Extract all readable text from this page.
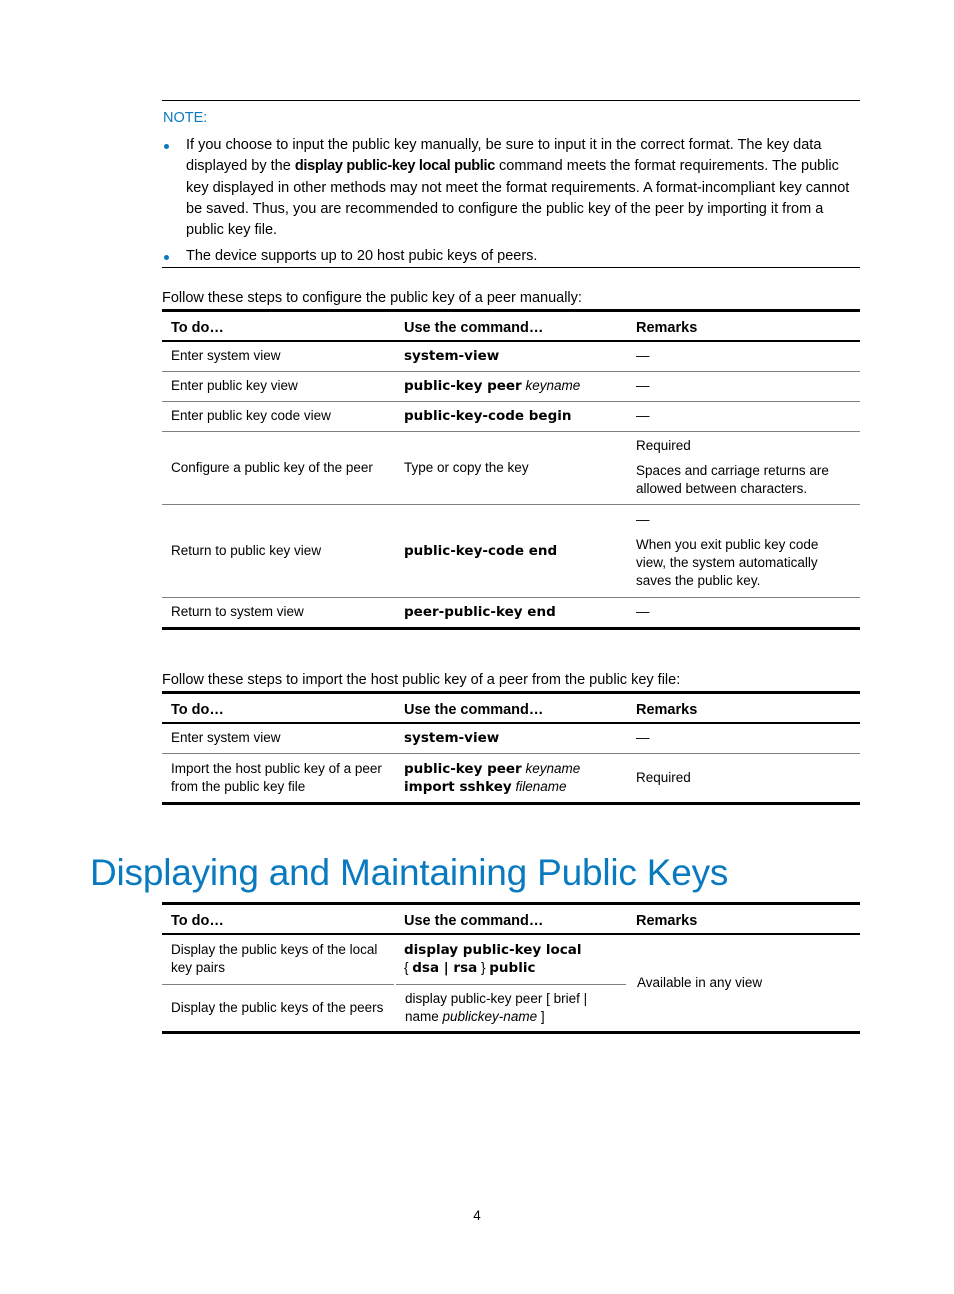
NOTE:
If you choose to input the public key manually, be sure to input it in the correct format. The key data displayed by the display public-key local public command meets the format requirements. The public key displayed in other methods may not meet the format requirements. A format-incompliant key cannot be saved. Thus, you are recommended to configure the public key of the peer by importing it from a public key file.
The device supports up to 20 host pubic keys of peers.
Follow these steps to configure the public key of a peer manually:
To do…	Use the command…	Remarks
Enter system view	system-view	—
Enter public key view	public-key peer keyname	—
Enter public key code view	public-key-code begin	—
Configure a public key of the peer	Type or copy the key	Required

Spaces and carriage returns are allowed between characters.

Return to public key view	public-key-code end	—

When you exit public key code view, the system automatically saves the public key.

Return to system view	peer-public-key end	—
Follow these steps to import the host public key of a peer from the public key file:
To do…	Use the command…	Remarks
Enter system view	system-view	—
Import the host public key of a peer from the public key file	public-key peer keyname
import sshkey filename	Required
Displaying and Maintaining Public Keys
To do…	Use the command…	Remarks
Display the public keys of the local key pairs	display public-key local
{ dsa | rsa } public	Available in any view
Display the public keys of the peers	display public-key peer [ brief |
name publickey-name ]	
4
